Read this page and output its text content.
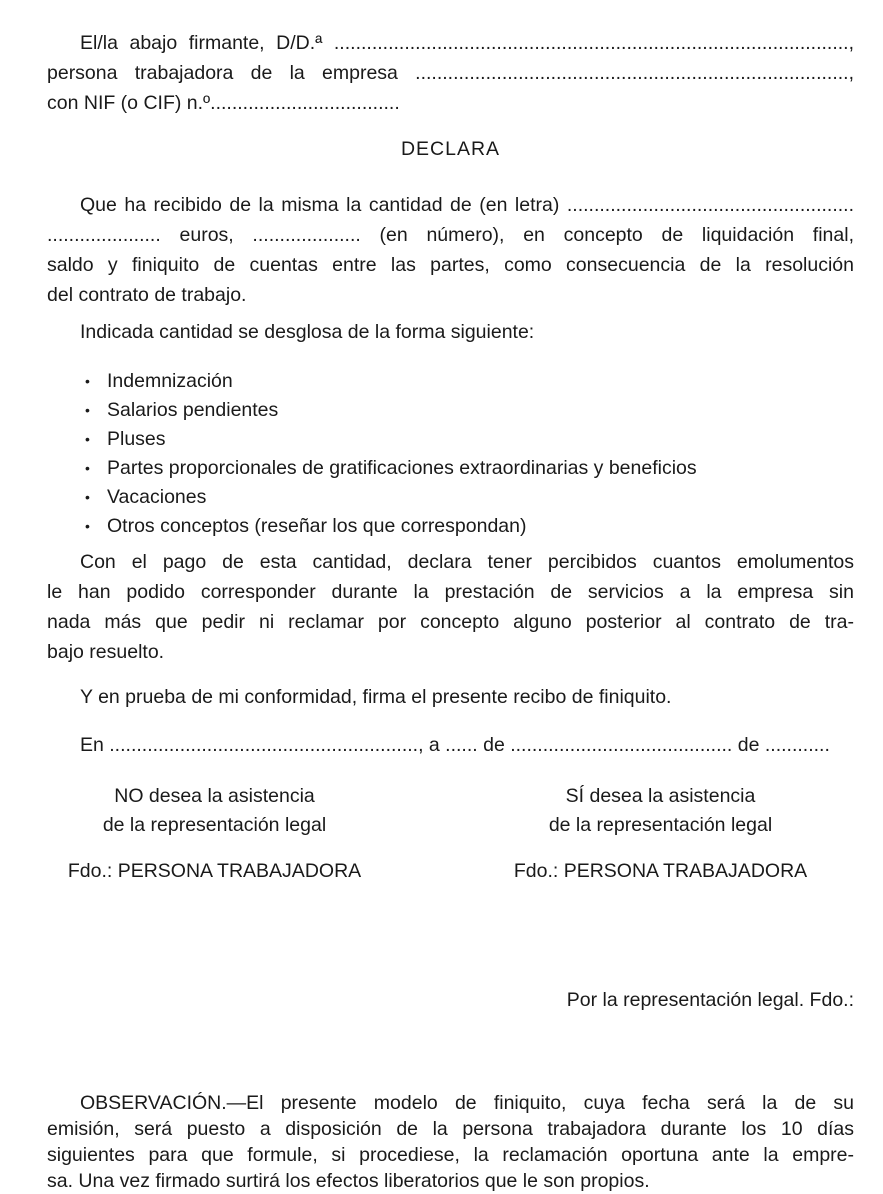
El/la abajo firmante, D/D.ª ...............................................................................................,
persona trabajadora de la empresa ................................................................................,
con NIF (o CIF) n.º...................................
DECLARA
Que ha recibido de la misma la cantidad de (en letra) .....................................................
..................... euros, .................... (en número), en concepto de liquidación final,
saldo y finiquito de cuentas entre las partes, como consecuencia de la resolución
del contrato de trabajo.
Indicada cantidad se desglosa de la forma siguiente:
• Indemnización
• Salarios pendientes
• Pluses
• Partes proporcionales de gratificaciones extraordinarias y beneficios
• Vacaciones
• Otros conceptos (reseñar los que correspondan)
Con el pago de esta cantidad, declara tener percibidos cuantos emolumentos
le han podido corresponder durante la prestación de servicios a la empresa sin
nada más que pedir ni reclamar por concepto alguno posterior al contrato de tra-
bajo resuelto.
Y en prueba de mi conformidad, firma el presente recibo de finiquito.
En ........................................................., a ...... de ......................................... de ............
NO desea la asistencia
de la representación legal
SÍ desea la asistencia
de la representación legal
Fdo.: PERSONA TRABAJADORA	Fdo.: PERSONA TRABAJADORA
Por la representación legal. Fdo.:
OBSERVACIÓN.—El presente modelo de finiquito, cuya fecha será la de su
emisión, será puesto a disposición de la persona trabajadora durante los 10 días
siguientes para que formule, si procediese, la reclamación oportuna ante la empre-
sa. Una vez firmado surtirá los efectos liberatorios que le son propios.
